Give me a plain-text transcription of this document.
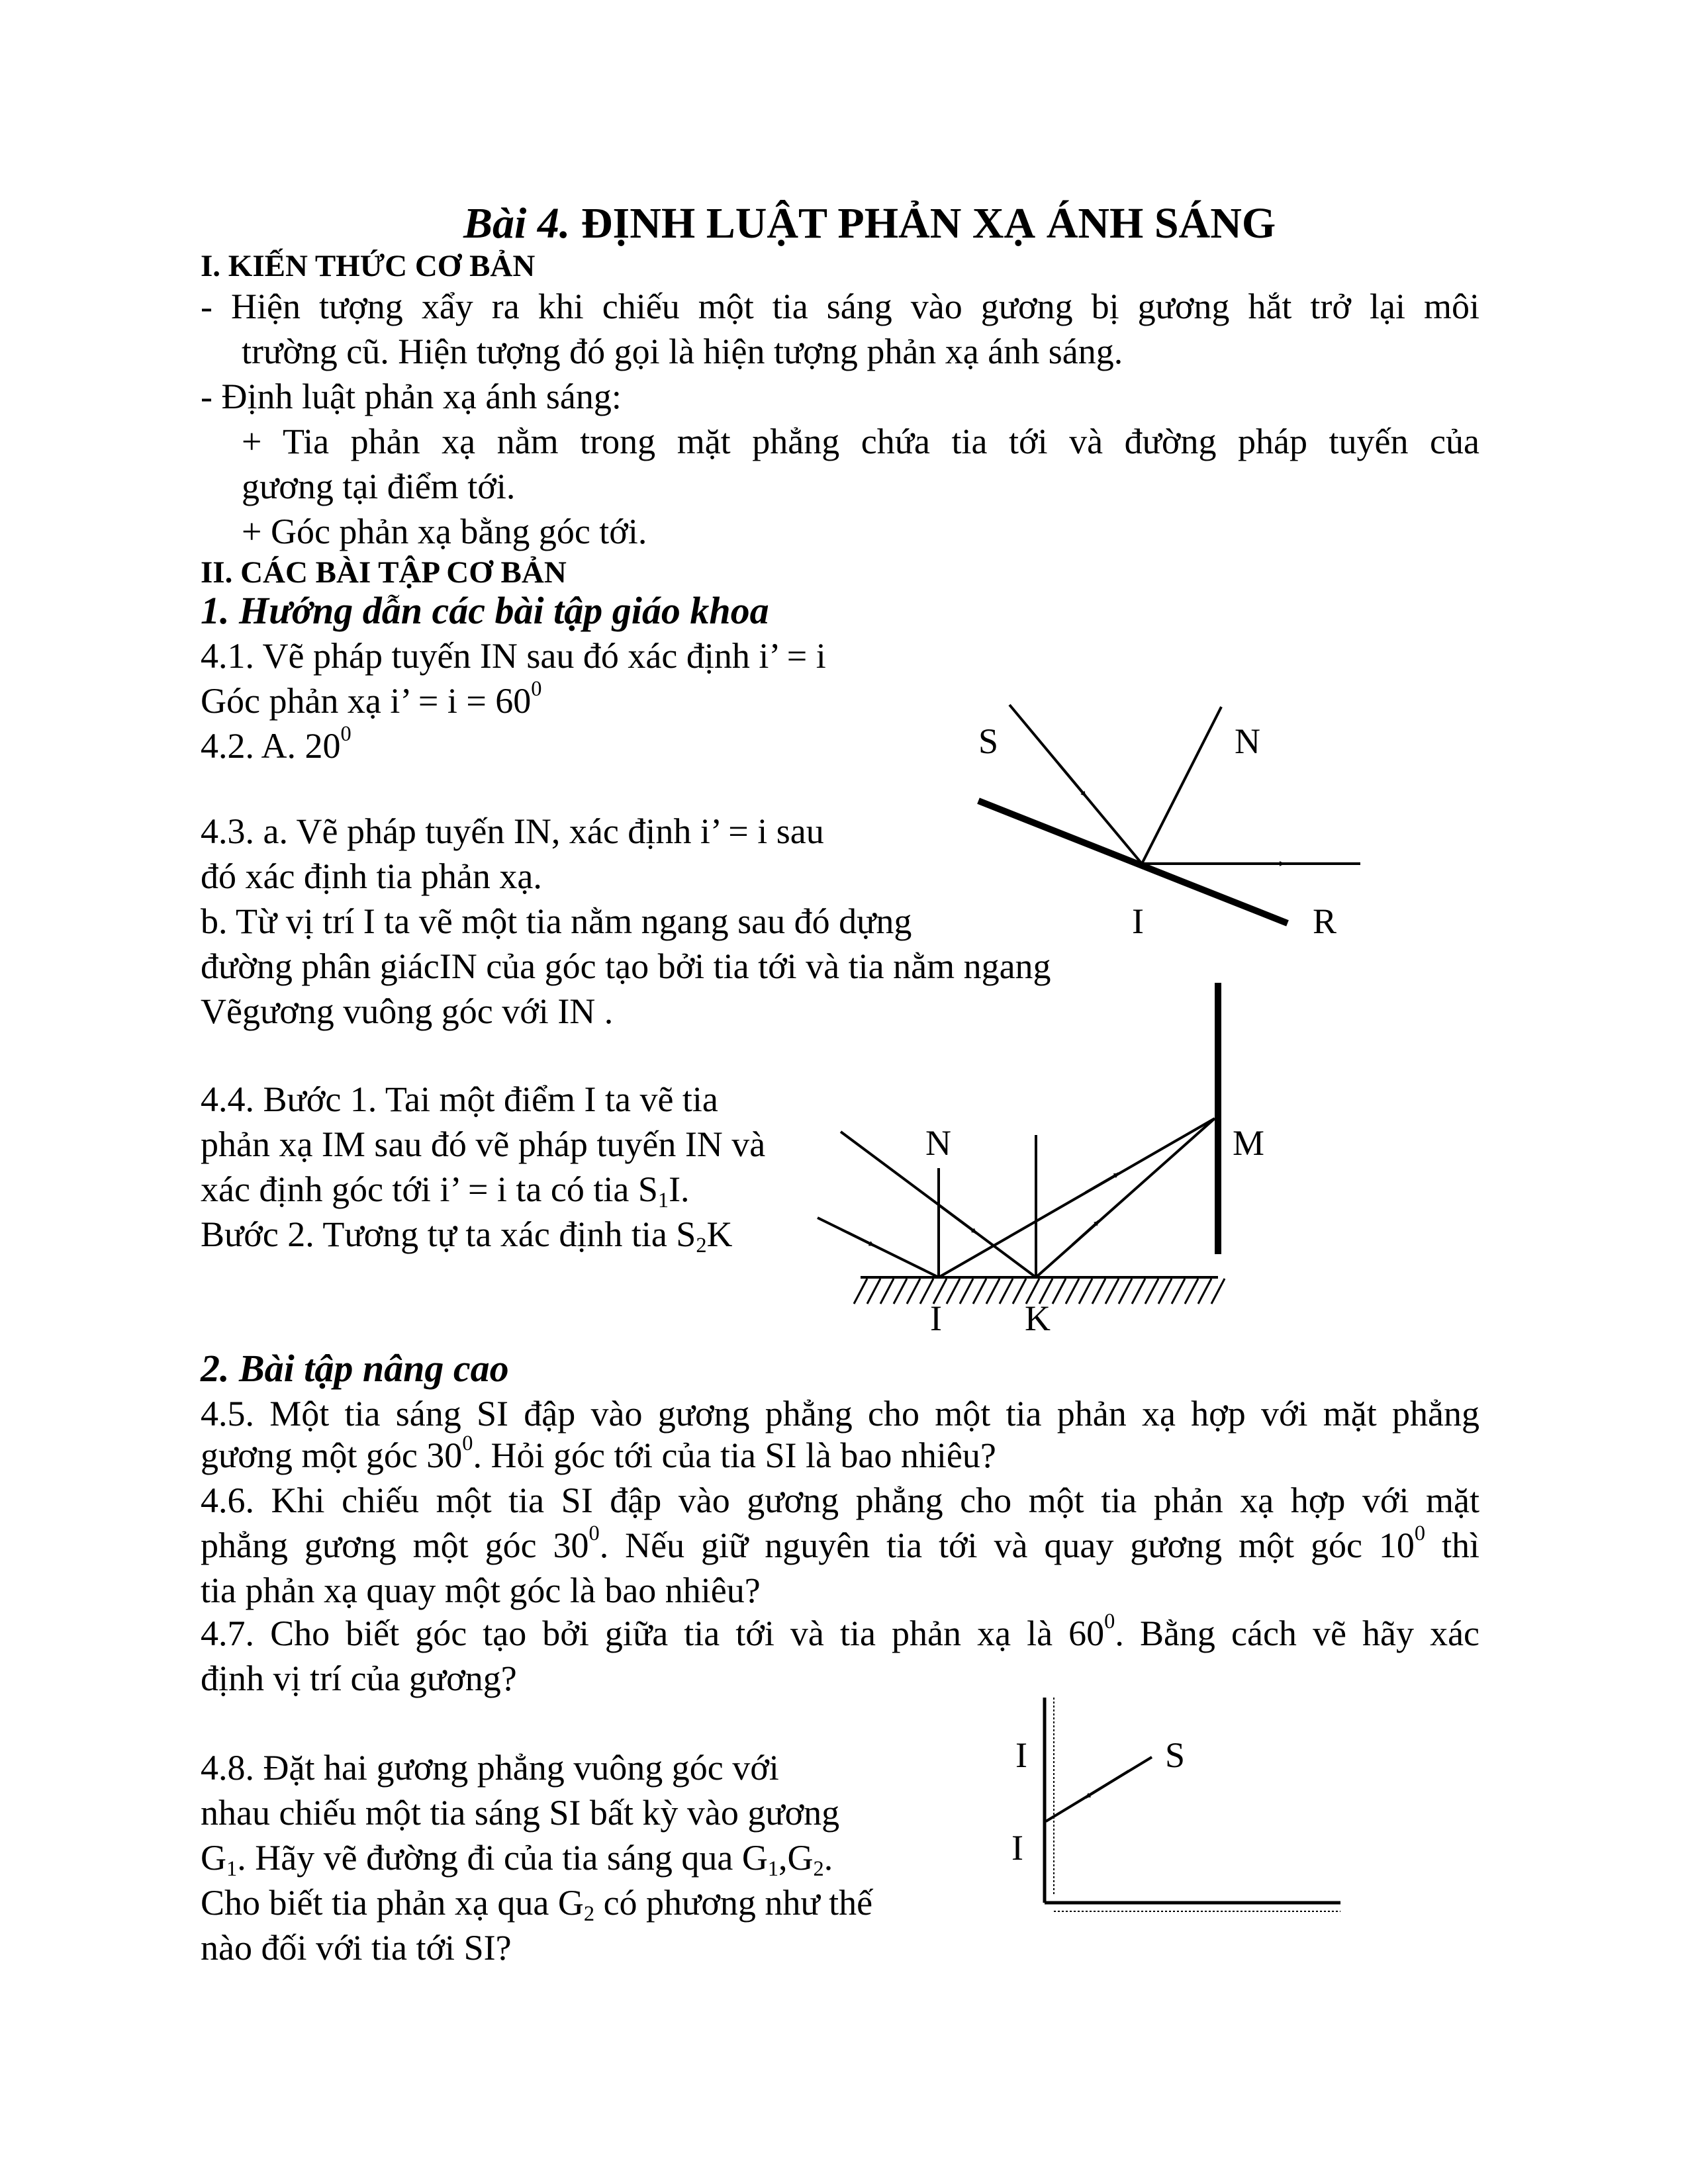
Bài 4. ĐỊNH LUẬT PHẢN XẠ ÁNH SÁNG
I. KIẾN THỨC CƠ BẢN
- Hiện tượng xẩy ra khi chiếu một tia sáng vào gương bị gương hắt trở lại môi
trường cũ. Hiện tượng đó gọi là hiện tượng phản xạ ánh sáng.
- Định luật phản xạ ánh sáng:
+ Tia phản xạ nằm trong mặt phẳng chứa tia tới và đường pháp tuyến của
gương tại điểm tới.
+ Góc phản xạ bằng góc tới.
II. CÁC BÀI TẬP CƠ BẢN
1. Hướng dẫn các bài tập giáo khoa
4.1. Vẽ pháp tuyến IN sau đó xác định i’ = i
Góc phản xạ i’ = $i = 60^0$
4.2. A. $20^0$
4.3. a. Vẽ pháp tuyến IN, xác định i’ = i sau
đó xác định tia phản xạ.
b. Từ vị trí I ta vẽ một tia nằm ngang sau đó dựng
đường phân giácIN của góc tạo bởi tia tới và tia nằm ngang
Vẽgương vuông góc với IN .
4.4. Bước 1. Tai một điểm I ta vẽ tia
phản xạ IM sau đó vẽ pháp tuyến IN và
xác định góc tới i’ = i ta có tia $S_1I$.
Bước 2. Tương tự ta xác định tia $S_2K$
2. Bài tập nâng cao
4.5. Một tia sáng SI đập vào gương phẳng cho một tia phản xạ hợp với mặt phẳng
gương một góc $30^0$. Hỏi góc tới của tia SI là bao nhiêu?
4.6. Khi chiếu một tia SI đập vào gương phẳng cho một tia phản xạ hợp với mặt
phẳng gương một góc $30^0$. Nếu giữ nguyên tia tới và quay gương một góc $10^0$ thì
tia phản xạ quay một góc là bao nhiêu?
4.7. Cho biết góc tạo bởi giữa tia tới và tia phản xạ là $60^0$. Bằng cách vẽ hãy xác
định vị trí của gương?
4.8. Đặt hai gương phẳng vuông góc với
nhau chiếu một tia sáng SI bất kỳ vào gương
$G_1$. Hãy vẽ đường đi của tia sáng qua $G_1,G_2$.
Cho biết tia phản xạ qua $G_2$ có phương như thế
nào đối với tia tới SI?
S	N
I	R
N	M
I K
I	S
I
